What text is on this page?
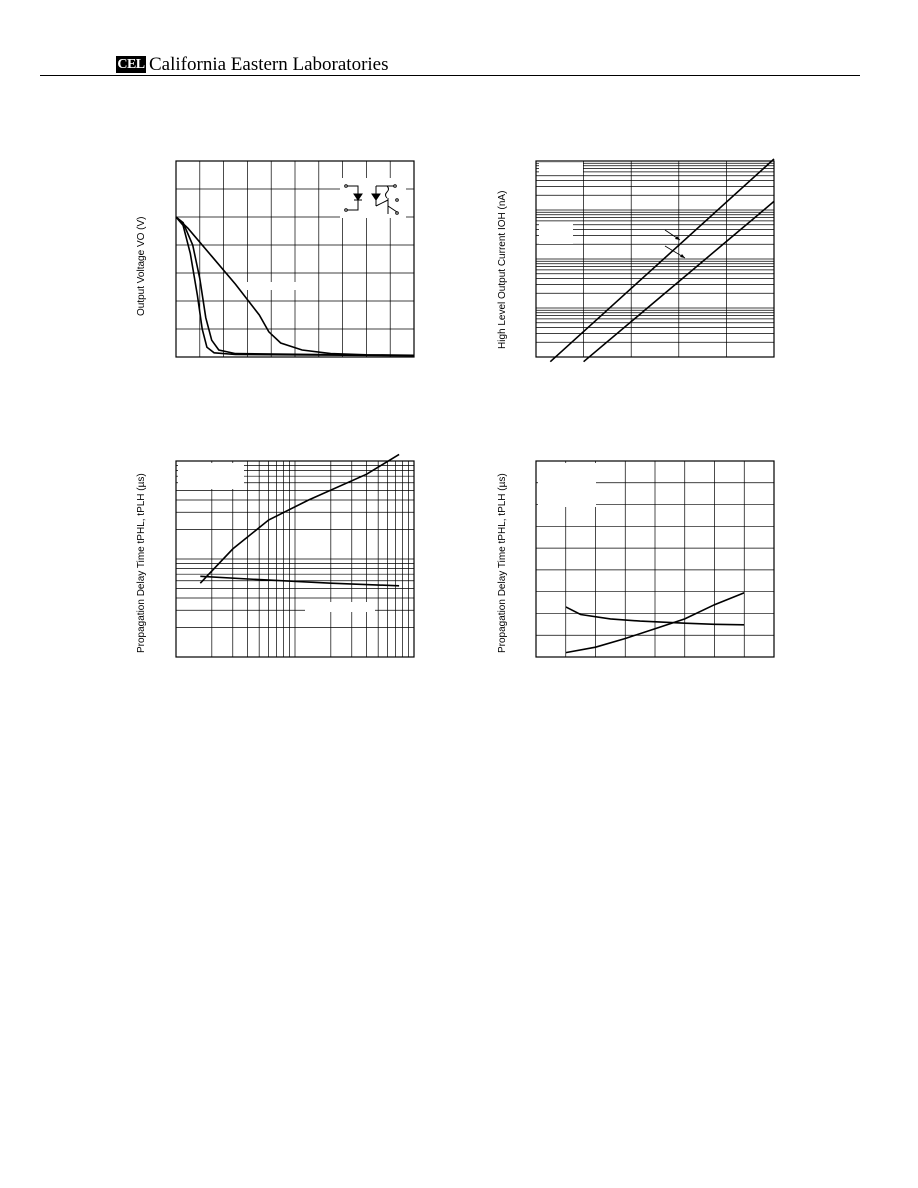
CEL California Eastern Laboratories
Output Voltage VO (V)	High Level Output Current IOH (nA)
Propagation Delay Time tPHL, tPLH (µs)	Propagation Delay Time tPHL, tPLH (µs)
